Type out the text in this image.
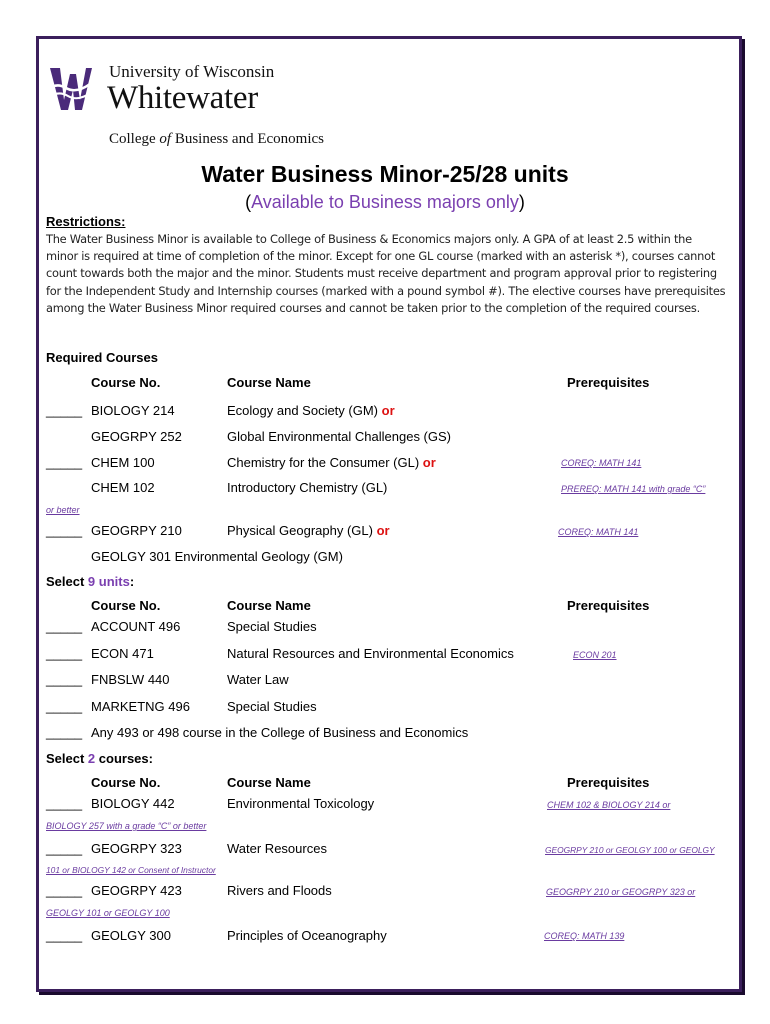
University of Wisconsin
Whitewater
College of Business and Economics
Water Business Minor-25/28 units
(Available to Business majors only)
Restrictions:
The Water Business Minor is available to College of Business & Economics majors only. A GPA of at least 2.5 within the minor is required at time of completion of the minor. Except for one GL course (marked with an asterisk *), courses cannot count towards both the major and the minor. Students must receive department and program approval prior to registering for the Independent Study and Internship courses (marked with a pound symbol #). The elective courses have prerequisites among the Water Business Minor required courses and cannot be taken prior to the completion of the required courses.
Required Courses
Course No.	Course Name	Prerequisites
_____ BIOLOGY 214	Ecology and Society (GM) or
GEOGRPY 252	Global Environmental Challenges (GS)
_____ CHEM 100	Chemistry for the Consumer (GL) or	COREQ: MATH 141
CHEM 102	Introductory Chemistry (GL)	PREREQ: MATH 141 with grade “C”
or better
_____ GEOGRPY 210	Physical Geography (GL) or	COREQ: MATH 141
GEOLGY 301 Environmental Geology (GM)
Select 9 units:
Course No.	Course Name	Prerequisites
_____ ACCOUNT 496	Special Studies
_____ ECON 471	Natural Resources and Environmental Economics	ECON 201
_____ FNBSLW 440	Water Law
_____ MARKETNG 496	Special Studies
_____ Any 493 or 498 course in the College of Business and Economics
Select 2 courses:
Course No.	Course Name	Prerequisites
_____ BIOLOGY 442	Environmental Toxicology	CHEM 102 & BIOLOGY 214 or
BIOLOGY 257 with a grade “C” or better
_____ GEOGRPY 323	Water Resources	GEOGRPY 210 or GEOLGY 100 or GEOLGY
101 or BIOLOGY 142 or Consent of Instructor
_____ GEOGRPY 423	Rivers and Floods	GEOGRPY 210 or GEOGRPY 323 or
GEOLGY 101 or GEOLGY 100
_____ GEOLGY 300	Principles of Oceanography	COREQ: MATH 139
